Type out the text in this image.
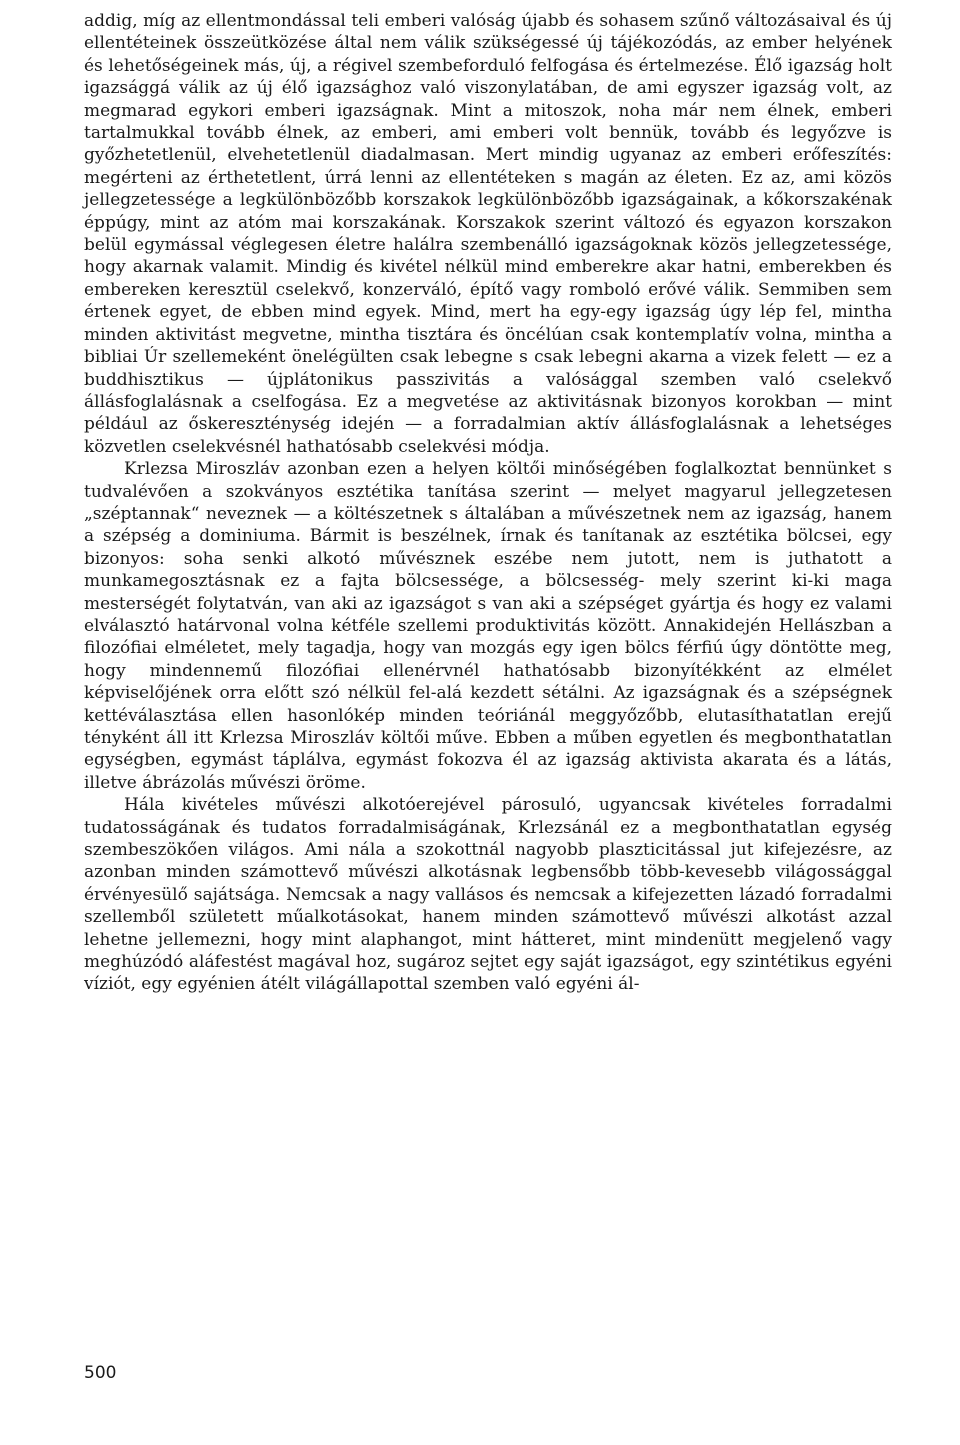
addig, míg az ellentmondással teli emberi valóság újabb és sohasem szűnő változásaival és új ellentéteinek összeütközése által nem válik szükségessé új tájékozódás, az ember helyének és lehetőségeinek más, új, a régivel szembeforduló felfogása és értelmezése. Élő igazság holt igazsággá válik az új élő igazsághoz való viszonylatában, de ami egyszer igazság volt, az megmarad egykori emberi igazságnak. Mint a mitoszok, noha már nem élnek, emberi tartalmukkal tovább élnek, az emberi, ami emberi volt bennük, tovább és legyőzve is győzhetetlenül, elvehetetlenül diadalmasan. Mert mindig ugyanaz az emberi erőfeszítés: megérteni az érthetetlent, úrrá lenni az ellentéteken s magán az életen. Ez az, ami közös jellegzetessége a legkülönbözőbb korszakok legkülönbözőbb igazságainak, a kőkorszakénak éppúgy, mint az atóm mai korszakának. Korszakok szerint változó és egyazon korszakon belül egymással véglegesen életre halálra szembenálló igazságoknak közös jellegzetessége, hogy akarnak valamit. Mindig és kivétel nélkül mind emberekre akar hatni, emberekben és embereken keresztül cselekvő, konzerváló, építő vagy romboló erővé válik. Semmiben sem értenek egyet, de ebben mind egyek. Mind, mert ha egy-egy igazság úgy lép fel, mintha minden aktivitást megvetne, mintha tisztára és öncélúan csak kontemplatív volna, mintha a bibliai Úr szellemeként önelégülten csak lebegne s csak lebegni akarna a vizek felett — ez a buddhisztikus — újplátonikus passzivitás a valósággal szemben való cselekvő állásfoglalásnak a cselfogása. Ez a megvetése az aktivitásnak bizonyos korokban — mint például az őskereszténység idején — a forradalmian aktív állásfoglalásnak a lehetséges közvetlen cselekvésnél hathatósabb cselekvési módja.

Krlezsa Miroszláv azonban ezen a helyen költői minőségében foglalkoztat bennünket s tudvalévően a szokványos esztétika tanítása szerint — melyet magyarul jellegzetesen „széptannak“ neveznek — a költészetnek s általában a művészetnek nem az igazság, hanem a szépség a dominiuma. Bármit is beszélnek, írnak és tanítanak az esztétika bölcsei, egy bizonyos: soha senki alkotó művésznek eszébe nem jutott, nem is juthatott a munkamegosztásnak ez a fajta bölcsessége, a bölcsesség- mely szerint ki-ki maga mesterségét folytatván, van aki az igazságot s van aki a szépséget gyártja és hogy ez valami elválasztó határvonal volna kétféle szellemi produktivitás között. Annakidején Hellászban a filozófiai elméletet, mely tagadja, hogy van mozgás egy igen bölcs férfiú úgy döntötte meg, hogy mindennemű filozófiai ellenérvnél hathatósabb bizonyítékként az elmélet képviselőjének orra előtt szó nélkül fel-alá kezdett sétálni. Az igazságnak és a szépségnek kettéválasztása ellen hasonlókép minden teóriánál meggyőzőbb, elutasíthatatlan erejű tényként áll itt Krlezsa Miroszláv költői műve. Ebben a műben egyetlen és megbonthatatlan egységben, egymást táplálva, egymást fokozva él az igazság aktivista akarata és a látás, illetve ábrázolás művészi öröme.

Hála kivételes művészi alkotóerejével párosuló, ugyancsak kivételes forradalmi tudatosságának és tudatos forradalmiságának, Krlezsánál ez a megbonthatatlan egység szembeszökően világos. Ami nála a szokottnál nagyobb plaszticitással jut kifejezésre, az azonban minden számottevő művészi alkotásnak legbensőbb több-kevesebb világossággal érvényesülő sajátsága. Nemcsak a nagy vallásos és nemcsak a kifejezetten lázadó forradalmi szellemből született műalkotásokat, hanem minden számottevő művészi alkotást azzal lehetne jellemezni, hogy mint alaphangot, mint hátteret, mint mindenütt megjelenő vagy meghúzódó aláfestést magával hoz, sugároz sejtet egy saját igazságot, egy szintétikus egyéni víziót, egy egyénien átélt világállapottal szemben való egyéni ál-

500
